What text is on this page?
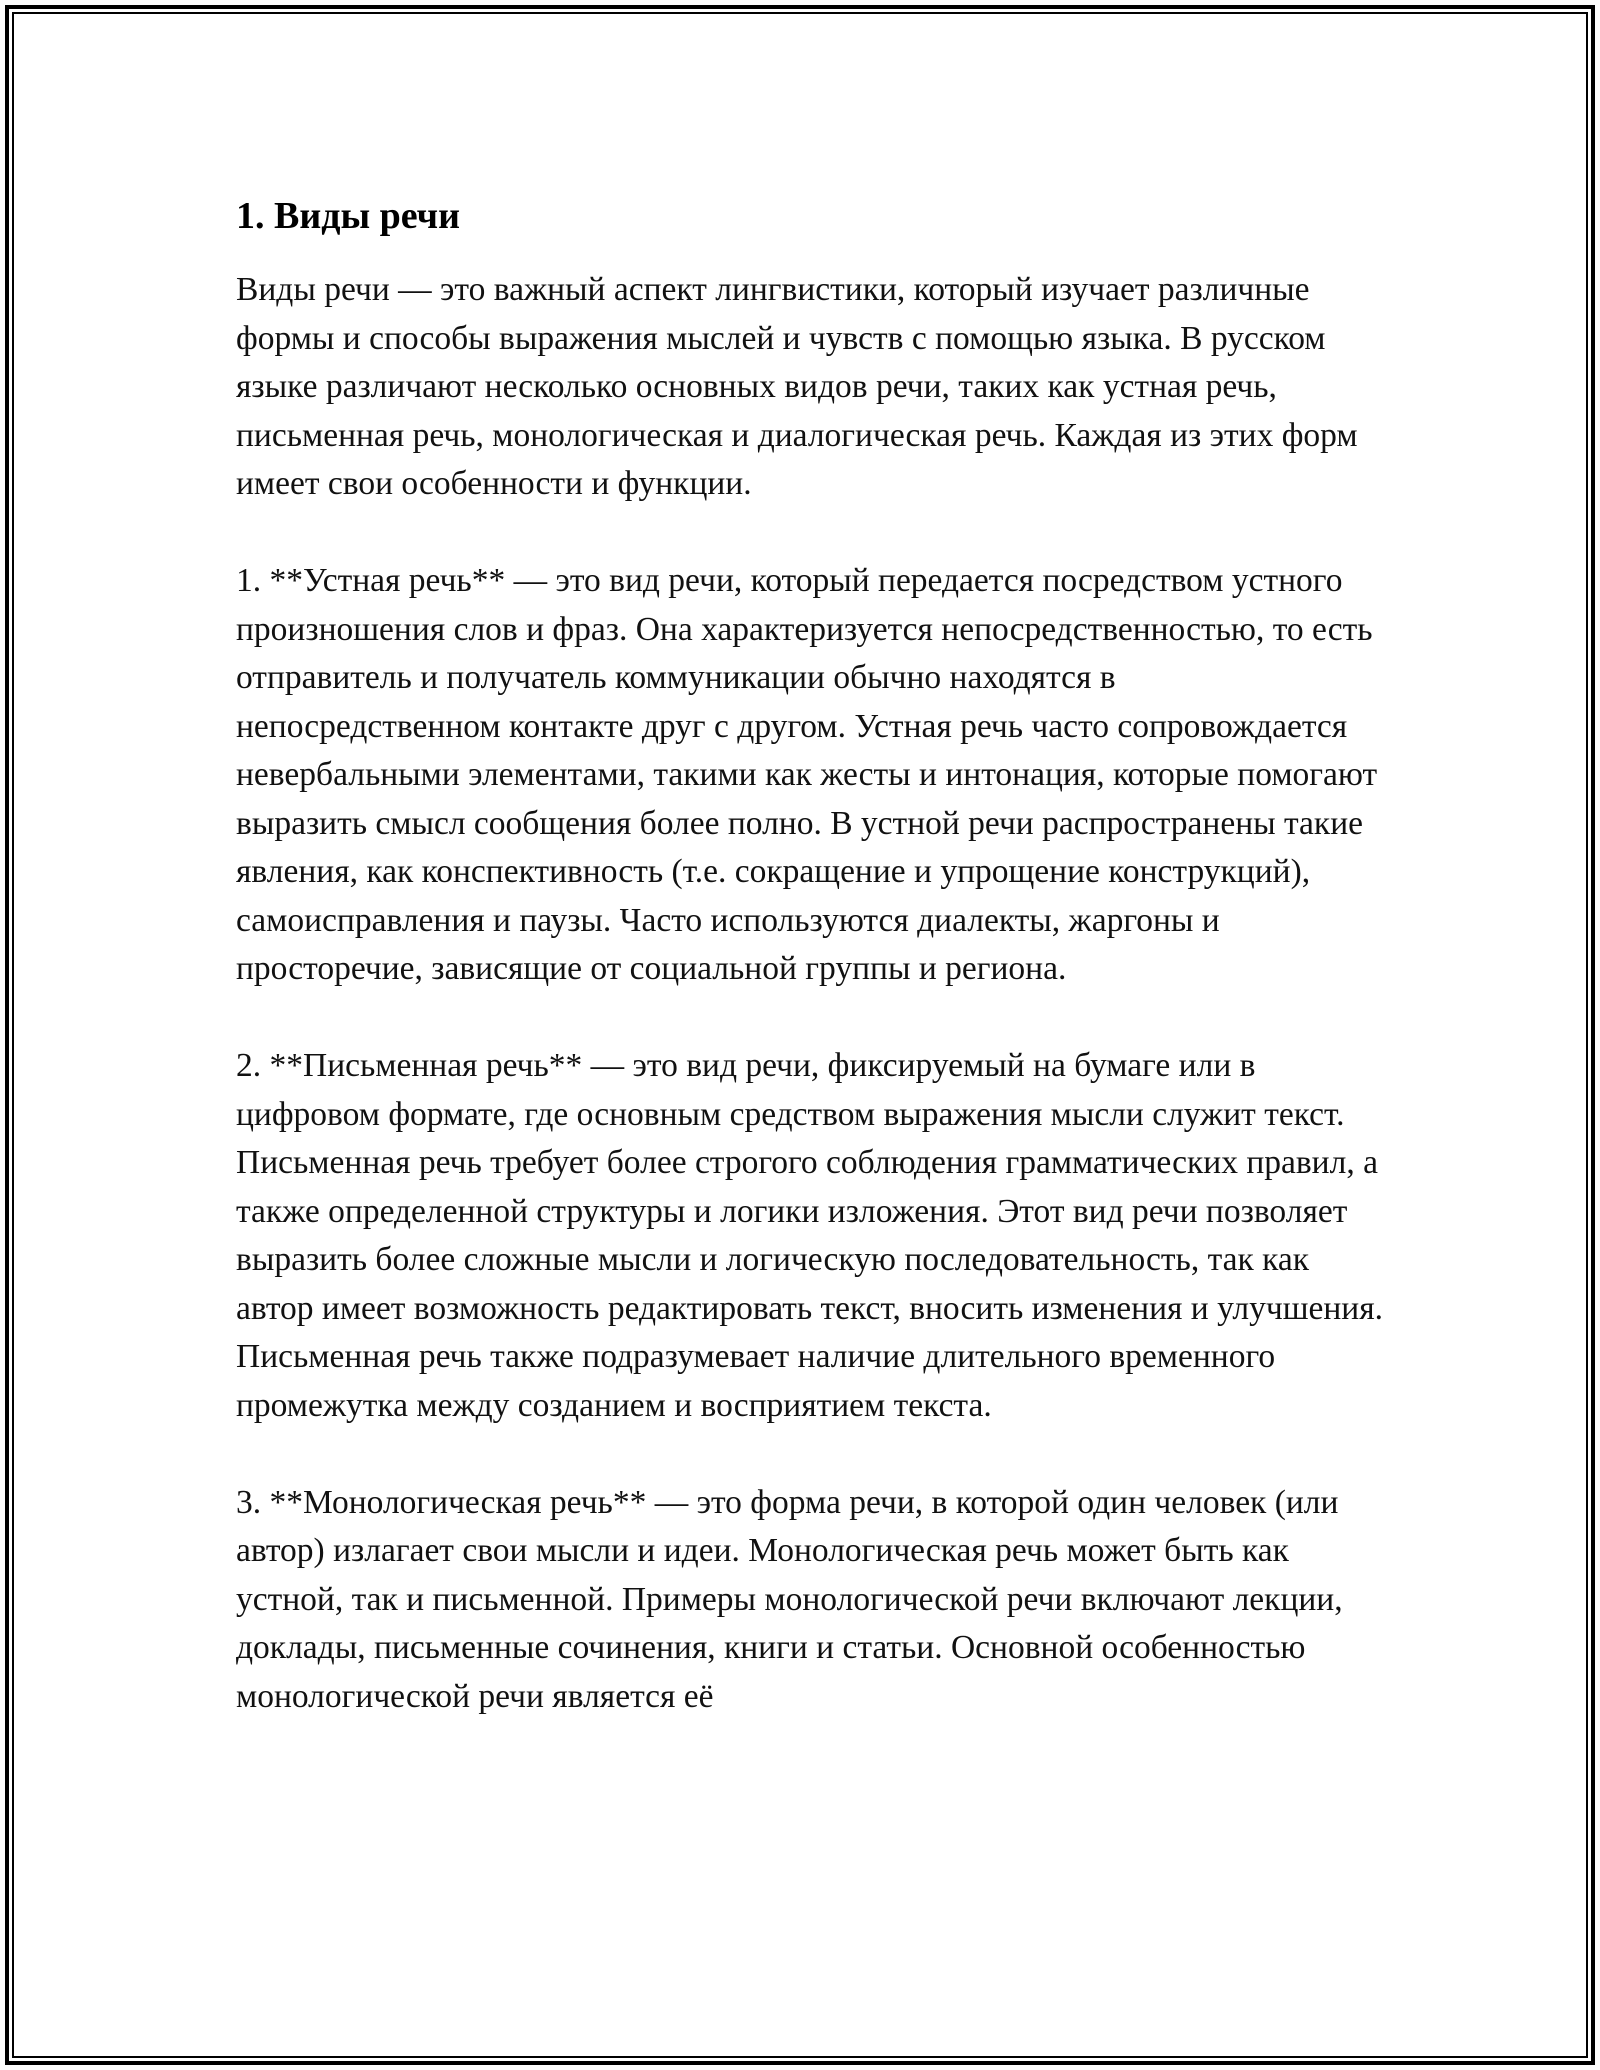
1. Виды речи

Виды речи — это важный аспект лингвистики, который изучает различные формы и способы выражения мыслей и чувств с помощью языка. В русском языке различают несколько основных видов речи, таких как устная речь, письменная речь, монологическая и диалогическая речь. Каждая из этих форм имеет свои особенности и функции.

1. **Устная речь** — это вид речи, который передается посредством устного произношения слов и фраз. Она характеризуется непосредственностью, то есть отправитель и получатель коммуникации обычно находятся в непосредственном контакте друг с другом. Устная речь часто сопровождается невербальными элементами, такими как жесты и интонация, которые помогают выразить смысл сообщения более полно. В устной речи распространены такие явления, как конспективность (т.е. сокращение и упрощение конструкций), самоисправления и паузы. Часто используются диалекты, жаргоны и просторечие, зависящие от социальной группы и региона.

2. **Письменная речь** — это вид речи, фиксируемый на бумаге или в цифровом формате, где основным средством выражения мысли служит текст. Письменная речь требует более строгого соблюдения грамматических правил, а также определенной структуры и логики изложения. Этот вид речи позволяет выразить более сложные мысли и логическую последовательность, так как автор имеет возможность редактировать текст, вносить изменения и улучшения. Письменная речь также подразумевает наличие длительного временного промежутка между созданием и восприятием текста.

3. **Монологическая речь** — это форма речи, в которой один человек (или автор) излагает свои мысли и идеи. Монологическая речь может быть как устной, так и письменной. Примеры монологической речи включают лекции, доклады, письменные сочинения, книги и статьи. Основной особенностью монологической речи является её
